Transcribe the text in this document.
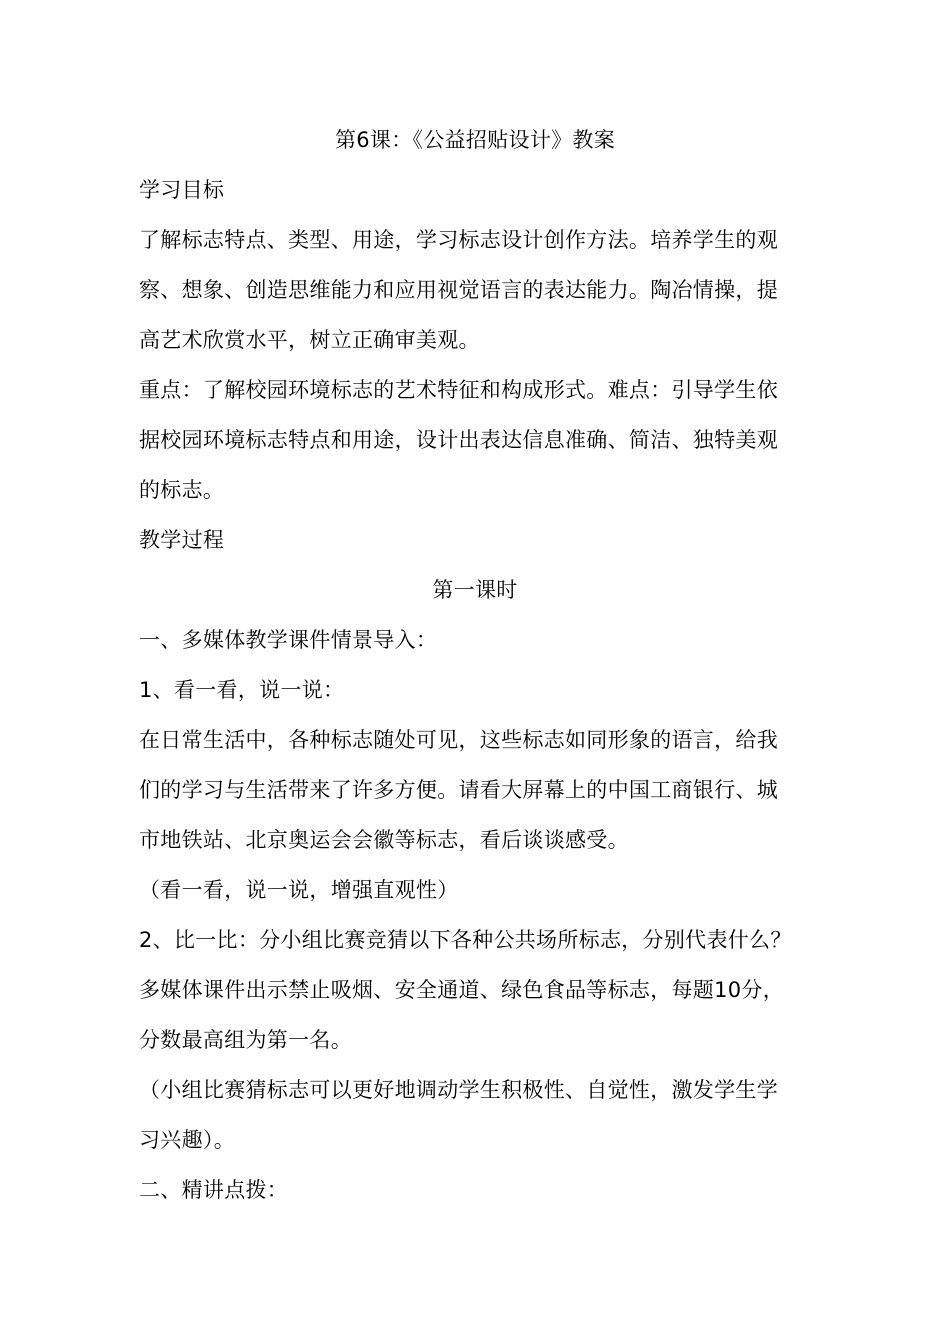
第6课：《公益招贴设计》教案
学习目标
了解标志特点、类型、用途，学习标志设计创作方法。培养学生的观
察、想象、创造思维能力和应用视觉语言的表达能力。陶冶情操，提
高艺术欣赏水平，树立正确审美观。
重点：了解校园环境标志的艺术特征和构成形式。难点：引导学生依
据校园环境标志特点和用途，设计出表达信息准确、简洁、独特美观
的标志。
教学过程
第一课时
一、多媒体教学课件情景导入：
1、看一看，说一说：
在日常生活中，各种标志随处可见，这些标志如同形象的语言，给我
们的学习与生活带来了许多方便。请看大屏幕上的中国工商银行、城
市地铁站、北京奥运会会徽等标志，看后谈谈感受。
（看一看，说一说，增强直观性）
2、比一比：分小组比赛竞猜以下各种公共场所标志，分别代表什么？
多媒体课件出示禁止吸烟、安全通道、绿色食品等标志，每题10分，
分数最高组为第一名。
（小组比赛猜标志可以更好地调动学生积极性、自觉性，激发学生学
习兴趣）。
二、精讲点拨：
